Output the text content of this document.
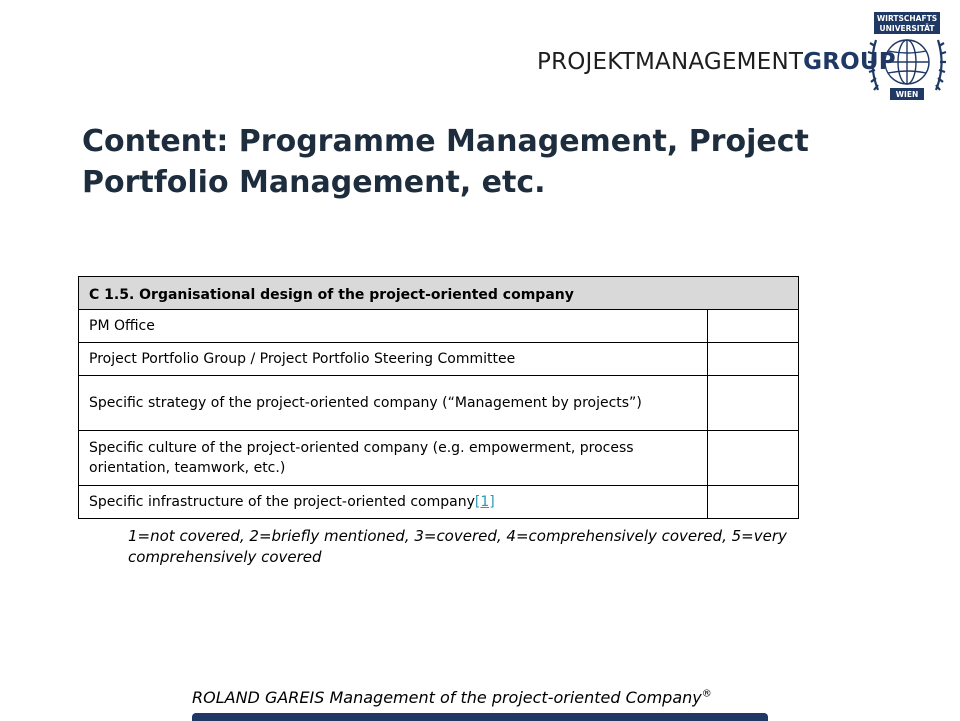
PROJEKTMANAGEMENTGROUP
WIRTSCHAFTS
UNIVERSITÄT
WIEN
Content: Programme Management, Project Portfolio Management, etc.
C 1.5. Organisational design of the project-oriented company	
PM Office	
Project Portfolio Group / Project Portfolio Steering Committee	
Specific strategy of the project-oriented company (“Management by projects”)	
Specific culture of the project-oriented company (e.g. empowerment, process orientation, teamwork, etc.)	
Specific infrastructure of the project-oriented company[1]	

1=not covered, 2=briefly mentioned, 3=covered, 4=comprehensively covered, 5=very comprehensively covered

ROLAND GAREIS Management of the project-oriented Company®
